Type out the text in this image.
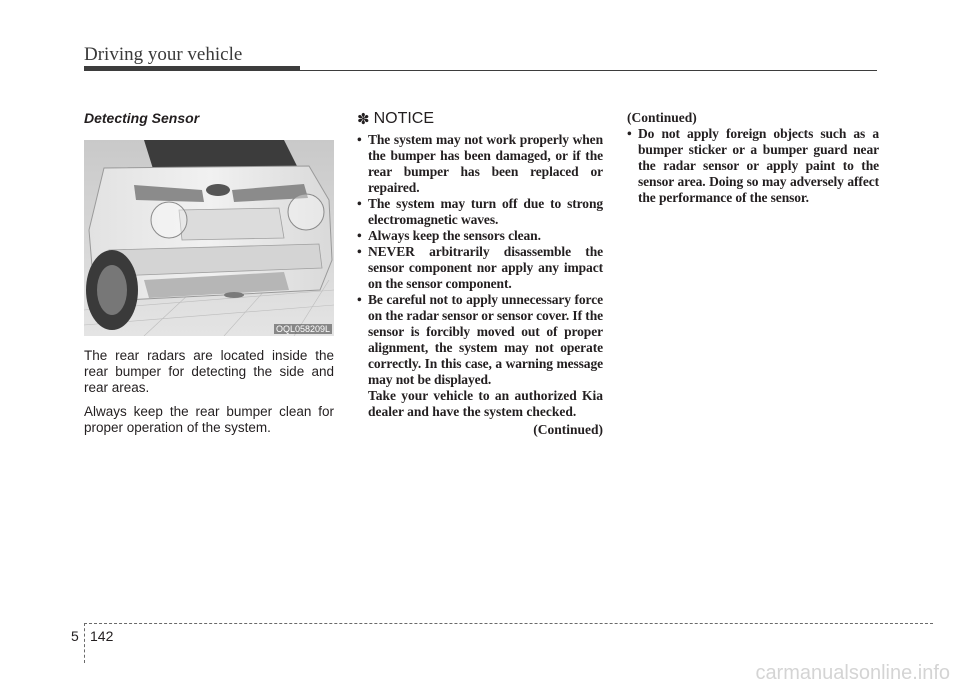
Driving your vehicle
Detecting Sensor
OQL058209L

The rear radars are located inside the rear bumper for detecting the side and rear areas.

Always keep the rear bumper clean for proper operation of the system.

✽ NOTICE
• The system may not work properly when the bumper has been damaged, or if the rear bumper has been replaced or repaired.
• The system may turn off due to strong electromagnetic waves.
• Always keep the sensors clean.
• NEVER arbitrarily disassemble the sensor component nor apply any impact on the sensor component.
• Be careful not to apply unnecessary force on the radar sensor or sensor cover. If the sensor is forcibly moved out of proper alignment, the system may not operate correctly. In this case, a warning message may not be displayed.
Take your vehicle to an authorized Kia dealer and have the system checked.
(Continued)
(Continued)
• Do not apply foreign objects such as a bumper sticker or a bumper guard near the radar sensor or apply paint to the sensor area. Doing so may adversely affect the performance of the sensor.
5 142
carmanualsonline.info
